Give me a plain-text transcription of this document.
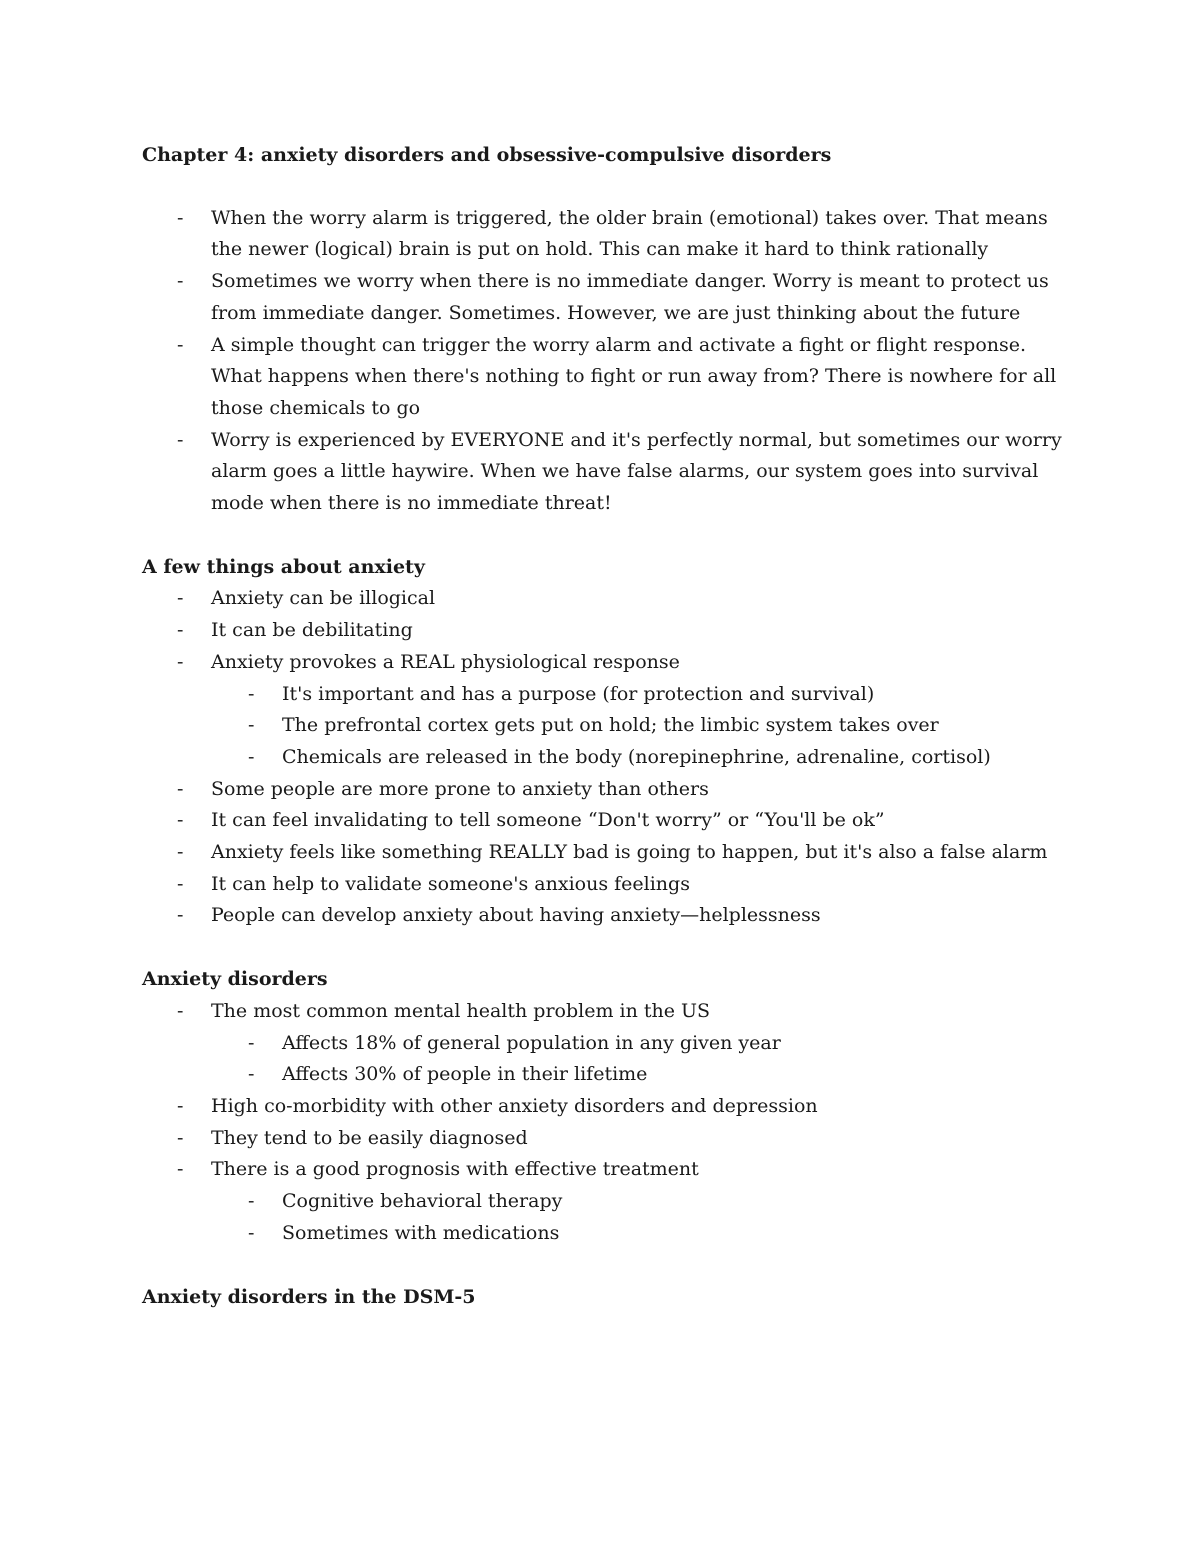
Chapter 4: anxiety disorders and obsessive-compulsive disorders

- When the worry alarm is triggered, the older brain (emotional) takes over. That means the newer (logical) brain is put on hold. This can make it hard to think rationally
- Sometimes we worry when there is no immediate danger. Worry is meant to protect us from immediate danger. Sometimes. However, we are just thinking about the future
- A simple thought can trigger the worry alarm and activate a fight or flight response. What happens when there's nothing to fight or run away from? There is nowhere for all those chemicals to go
- Worry is experienced by EVERYONE and it's perfectly normal, but sometimes our worry alarm goes a little haywire. When we have false alarms, our system goes into survival mode when there is no immediate threat!

A few things about anxiety

- Anxiety can be illogical
- It can be debilitating
- Anxiety provokes a REAL physiological response
- It's important and has a purpose (for protection and survival)
- The prefrontal cortex gets put on hold; the limbic system takes over
- Chemicals are released in the body (norepinephrine, adrenaline, cortisol)
- Some people are more prone to anxiety than others
- It can feel invalidating to tell someone “Don't worry” or “You'll be ok”
- Anxiety feels like something REALLY bad is going to happen, but it's also a false alarm
- It can help to validate someone's anxious feelings
- People can develop anxiety about having anxiety—helplessness

Anxiety disorders

- The most common mental health problem in the US
- Affects 18% of general population in any given year
- Affects 30% of people in their lifetime
- High co-morbidity with other anxiety disorders and depression
- They tend to be easily diagnosed
- There is a good prognosis with effective treatment
- Cognitive behavioral therapy
- Sometimes with medications

Anxiety disorders in the DSM-5
